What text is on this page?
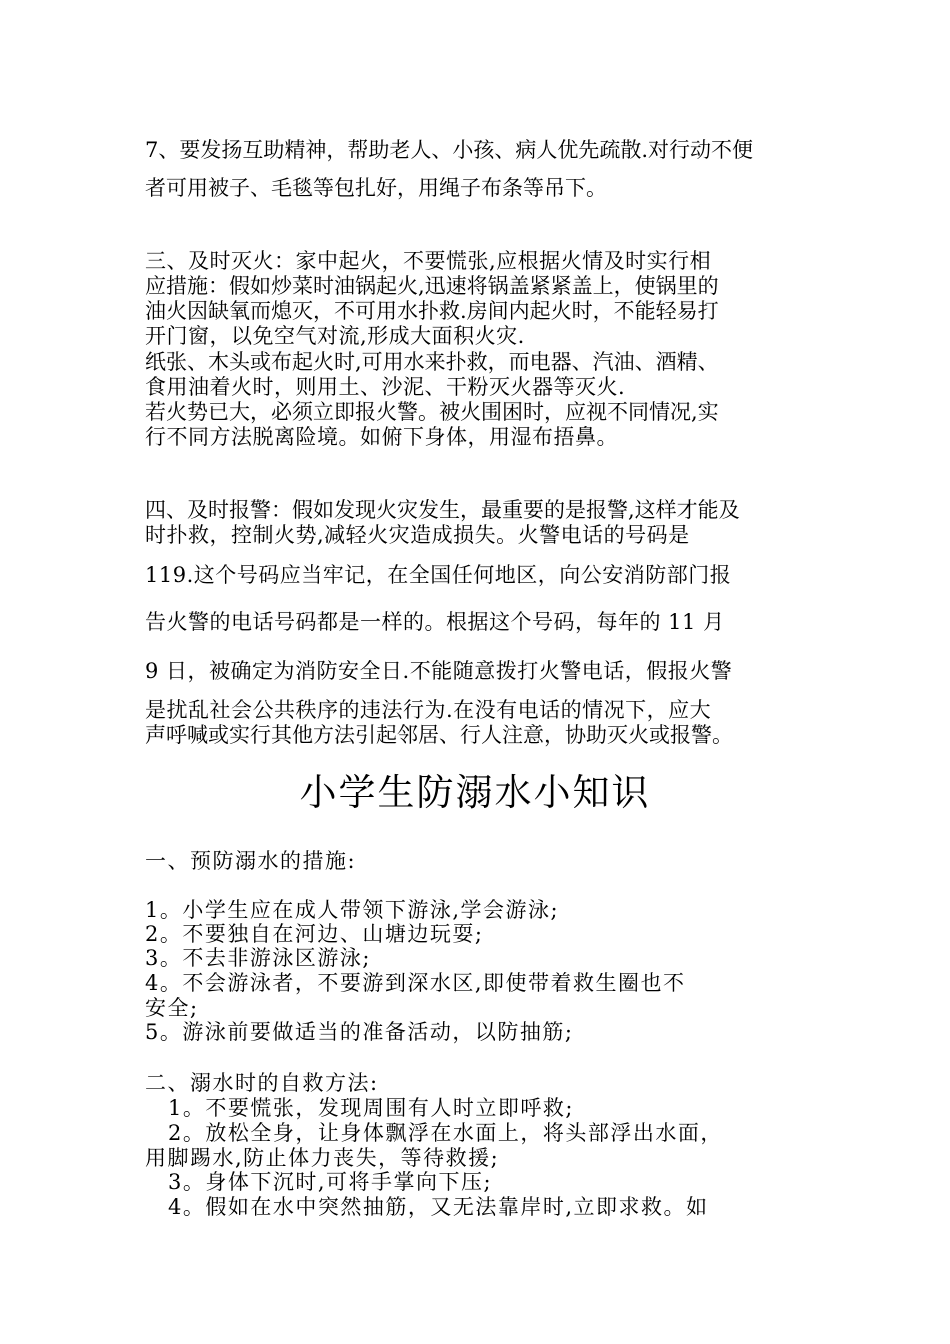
7、要发扬互助精神，帮助老人、小孩、病人优先疏散.对行动不便
者可用被子、毛毯等包扎好，用绳子布条等吊下。
三、及时灭火：家中起火，不要慌张,应根据火情及时实行相
应措施：假如炒菜时油锅起火,迅速将锅盖紧紧盖上，使锅里的
油火因缺氧而熄灭，不可用水扑救.房间内起火时，不能轻易打
开门窗，以免空气对流,形成大面积火灾.
纸张、木头或布起火时,可用水来扑救，而电器、汽油、酒精、
食用油着火时，则用土、沙泥、干粉灭火器等灭火.
若火势已大，必须立即报火警。被火围困时，应视不同情况,实
行不同方法脱离险境。如俯下身体，用湿布捂鼻。
四、及时报警：假如发现火灾发生，最重要的是报警,这样才能及
时扑救，控制火势,减轻火灾造成损失。火警电话的号码是
119.这个号码应当牢记，在全国任何地区，向公安消防部门报
告火警的电话号码都是一样的。根据这个号码，每年的 11 月
9 日，被确定为消防安全日.不能随意拨打火警电话，假报火警
是扰乱社会公共秩序的违法行为.在没有电话的情况下，应大
声呼喊或实行其他方法引起邻居、行人注意，协助灭火或报警。
小学生防溺水小知识
一、预防溺水的措施:
1。小学生应在成人带领下游泳,学会游泳;
2。不要独自在河边、山塘边玩耍;
3。不去非游泳区游泳;
4。不会游泳者，不要游到深水区,即使带着救生圈也不
安全;
5。游泳前要做适当的准备活动，以防抽筋;
二、溺水时的自救方法:
1。不要慌张，发现周围有人时立即呼救;
2。放松全身，让身体飘浮在水面上，将头部浮出水面，
用脚踢水,防止体力丧失，等待救援;
3。身体下沉时,可将手掌向下压;
4。假如在水中突然抽筋，又无法靠岸时,立即求救。如
